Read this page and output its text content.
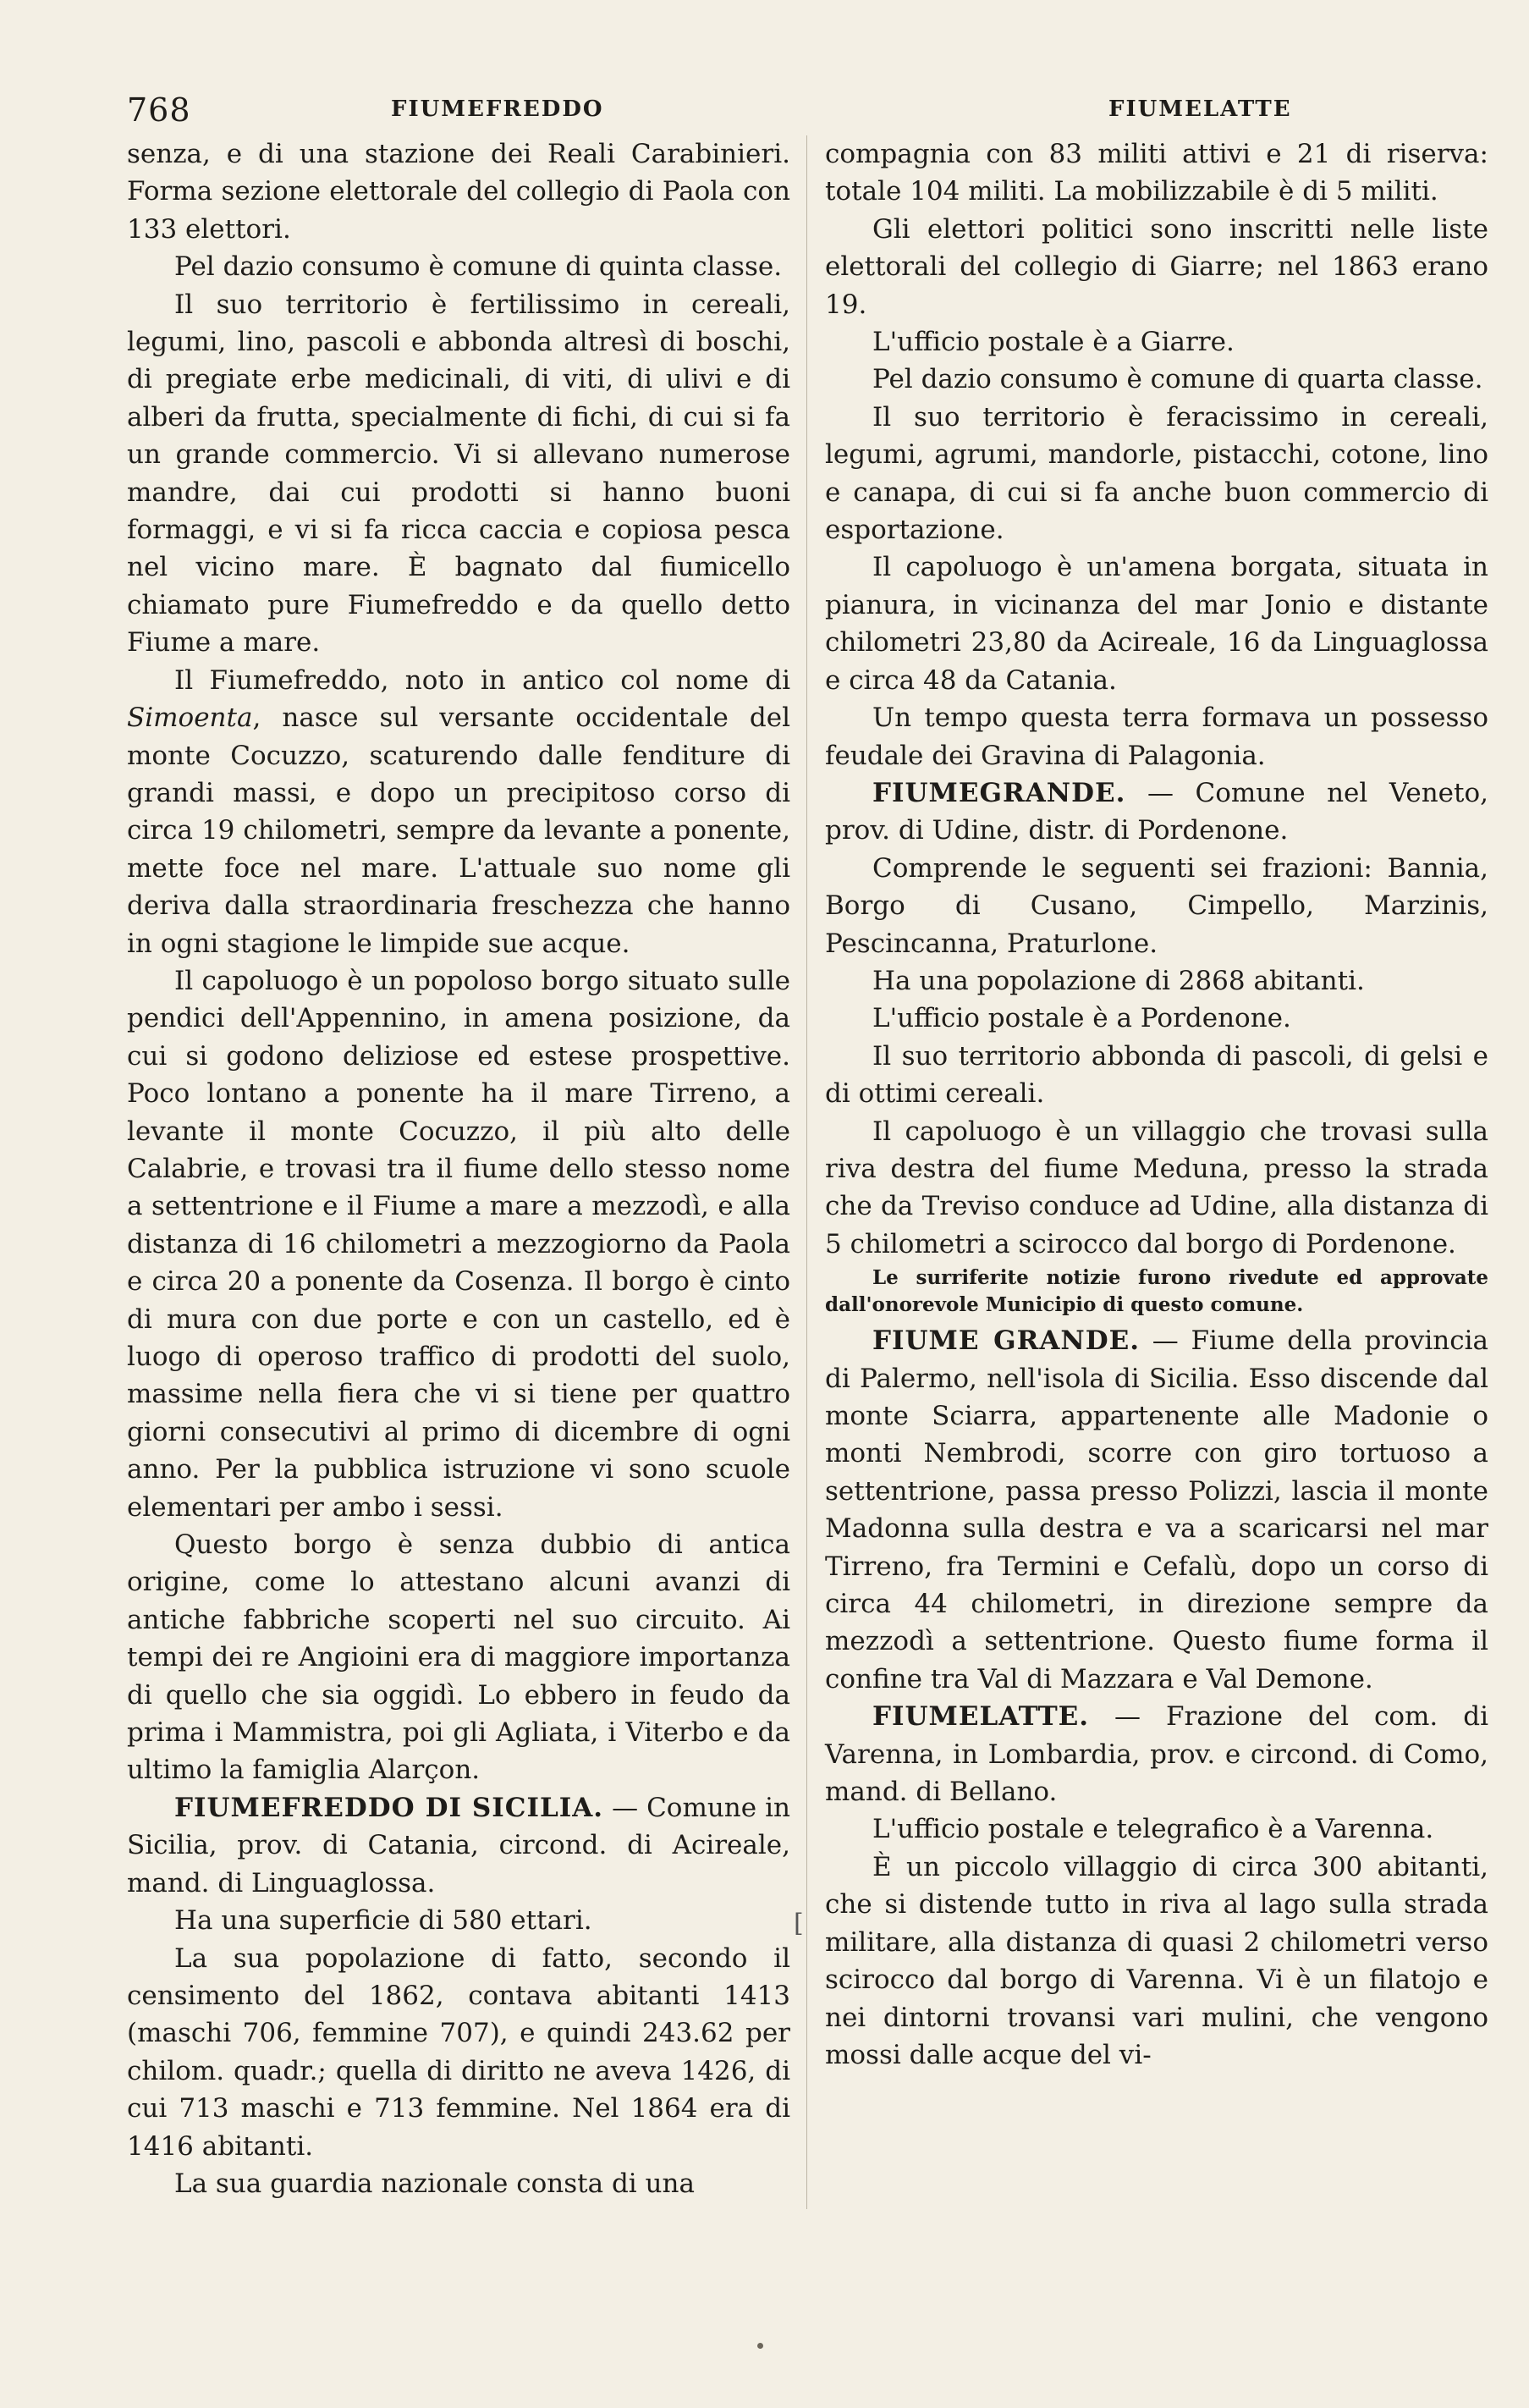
768	FIUMEFREDDO	FIUMELATTE

senza, e di una stazione dei Reali Carabinieri. Forma sezione elettorale del collegio di Paola con 133 elettori.

Pel dazio consumo è comune di quinta classe.

Il suo territorio è fertilissimo in cereali, legumi, lino, pascoli e abbonda altresì di boschi, di pregiate erbe medicinali, di viti, di ulivi e di alberi da frutta, specialmente di fichi, di cui si fa un grande commercio. Vi si allevano numerose mandre, dai cui prodotti si hanno buoni formaggi, e vi si fa ricca caccia e copiosa pesca nel vicino mare. È bagnato dal fiumicello chiamato pure Fiumefreddo e da quello detto Fiume a mare.

Il Fiumefreddo, noto in antico col nome di Simoenta, nasce sul versante occidentale del monte Cocuzzo, scaturendo dalle fenditure di grandi massi, e dopo un precipitoso corso di circa 19 chilometri, sempre da levante a ponente, mette foce nel mare. L'attuale suo nome gli deriva dalla straordinaria freschezza che hanno in ogni stagione le limpide sue acque.

Il capoluogo è un popoloso borgo situato sulle pendici dell'Appennino, in amena posizione, da cui si godono deliziose ed estese prospettive. Poco lontano a ponente ha il mare Tirreno, a levante il monte Cocuzzo, il più alto delle Calabrie, e trovasi tra il fiume dello stesso nome a settentrione e il Fiume a mare a mezzodì, e alla distanza di 16 chilometri a mezzogiorno da Paola e circa 20 a ponente da Cosenza. Il borgo è cinto di mura con due porte e con un castello, ed è luogo di operoso traffico di prodotti del suolo, massime nella fiera che vi si tiene per quattro giorni consecutivi al primo di dicembre di ogni anno. Per la pubblica istruzione vi sono scuole elementari per ambo i sessi.

Questo borgo è senza dubbio di antica origine, come lo attestano alcuni avanzi di antiche fabbriche scoperti nel suo circuito. Ai tempi dei re Angioini era di maggiore importanza di quello che sia oggidì. Lo ebbero in feudo da prima i Mammistra, poi gli Agliata, i Viterbo e da ultimo la famiglia Alarçon.

FIUMEFREDDO DI SICILIA. — Comune in Sicilia, prov. di Catania, circond. di Acireale, mand. di Linguaglossa.

Ha una superficie di 580 ettari.

La sua popolazione di fatto, secondo il censimento del 1862, contava abitanti 1413 (maschi 706, femmine 707), e quindi 243.62 per chilom. quadr.; quella di diritto ne aveva 1426, di cui 713 maschi e 713 femmine. Nel 1864 era di 1416 abitanti.

La sua guardia nazionale consta di una

compagnia con 83 militi attivi e 21 di riserva: totale 104 militi. La mobilizzabile è di 5 militi.

Gli elettori politici sono inscritti nelle liste elettorali del collegio di Giarre; nel 1863 erano 19.

L'ufficio postale è a Giarre.

Pel dazio consumo è comune di quarta classe.

Il suo territorio è feracissimo in cereali, legumi, agrumi, mandorle, pistacchi, cotone, lino e canapa, di cui si fa anche buon commercio di esportazione.

Il capoluogo è un'amena borgata, situata in pianura, in vicinanza del mar Jonio e distante chilometri 23,80 da Acireale, 16 da Linguaglossa e circa 48 da Catania.

Un tempo questa terra formava un possesso feudale dei Gravina di Palagonia.

FIUMEGRANDE. — Comune nel Veneto, prov. di Udine, distr. di Pordenone.

Comprende le seguenti sei frazioni: Bannia, Borgo di Cusano, Cimpello, Marzinis, Pescincanna, Praturlone.

Ha una popolazione di 2868 abitanti.

L'ufficio postale è a Pordenone.

Il suo territorio abbonda di pascoli, di gelsi e di ottimi cereali.

Il capoluogo è un villaggio che trovasi sulla riva destra del fiume Meduna, presso la strada che da Treviso conduce ad Udine, alla distanza di 5 chilometri a scirocco dal borgo di Pordenone.

Le surriferite notizie furono rivedute ed approvate dall'onorevole Municipio di questo comune.

FIUME GRANDE. — Fiume della provincia di Palermo, nell'isola di Sicilia. Esso discende dal monte Sciarra, appartenente alle Madonie o monti Nembrodi, scorre con giro tortuoso a settentrione, passa presso Polizzi, lascia il monte Madonna sulla destra e va a scaricarsi nel mar Tirreno, fra Termini e Cefalù, dopo un corso di circa 44 chilometri, in direzione sempre da mezzodì a settentrione. Questo fiume forma il confine tra Val di Mazzara e Val Demone.

FIUMELATTE. — Frazione del com. di Varenna, in Lombardia, prov. e circond. di Como, mand. di Bellano.

L'ufficio postale e telegrafico è a Varenna.

È un piccolo villaggio di circa 300 abitanti, che si distende tutto in riva al lago sulla strada militare, alla distanza di quasi 2 chilometri verso scirocco dal borgo di Varenna. Vi è un filatojo e nei dintorni trovansi vari mulini, che vengono mossi dalle acque del vi-

[
